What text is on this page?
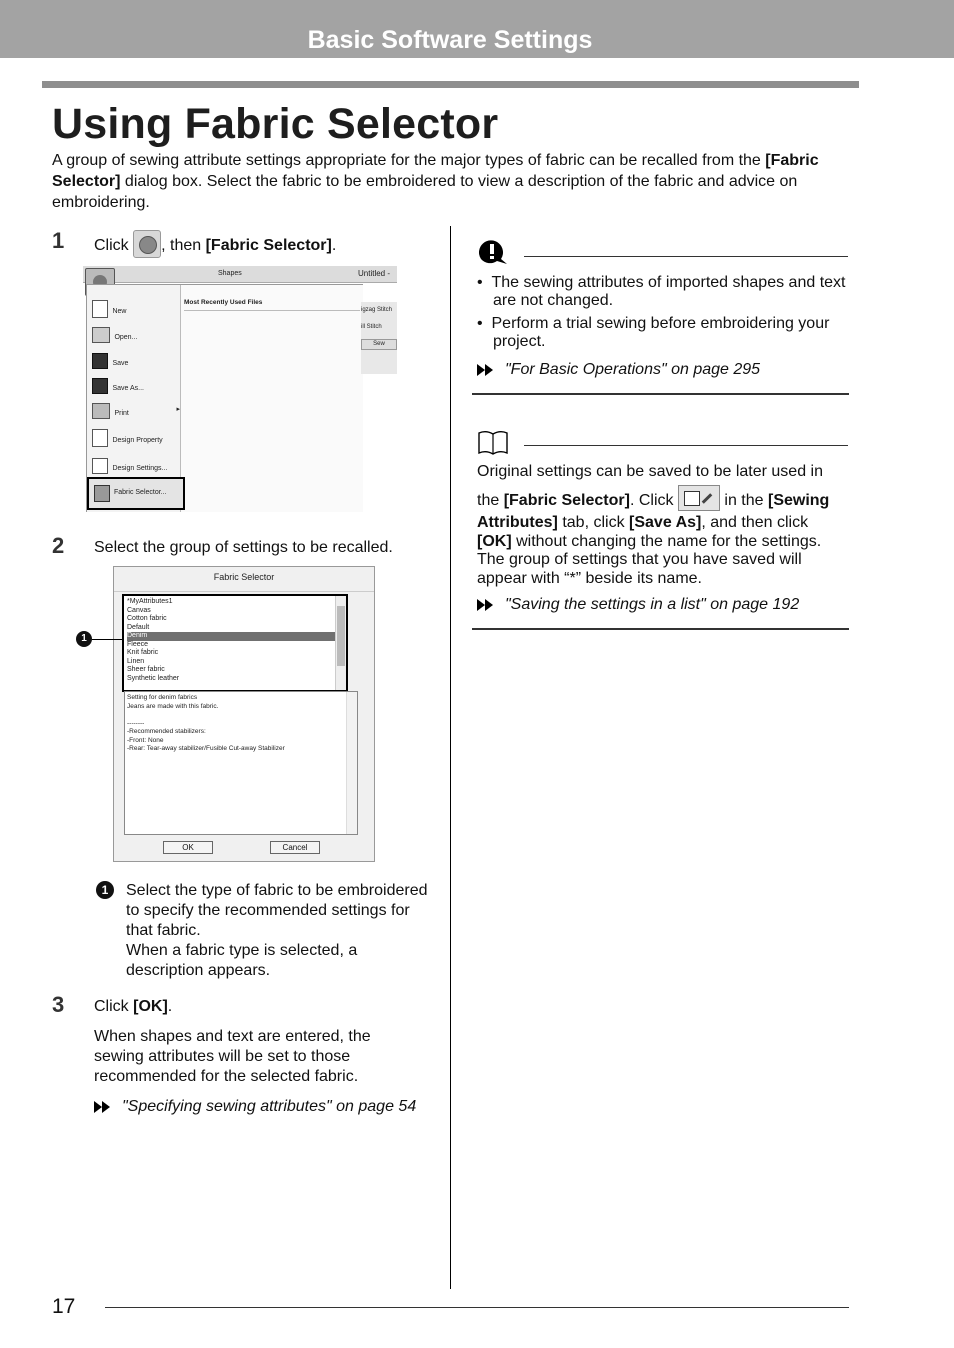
Basic Software Settings
Using Fabric Selector
A group of sewing attribute settings appropriate for the major types of fabric can be recalled from the [Fabric Selector] dialog box. Select the fabric to be embroidered to view a description of the fabric and advice on embroidering.
1 Click
, then [Fabric Selector].
Shapes	Untitled -
Most Recently Used Files
New
Open...
Save
Save As...
Print
▸
Design Property
Design Settings...
Fabric Selector...
igzag Stitch
ill Stitch
Sew
2 Select the group of settings to be recalled.
Fabric Selector
*MyAttributes1
Canvas
Cotton fabric
Default
Denim
Fleece
Knit fabric
Linen
Sheer fabric
Synthetic leather
Setting for denim fabrics
Jeans are made with this fabric.
--------
-Recommended stabilizers:
-Front: None
-Rear: Tear-away stabilizer/Fusible Cut-away Stabilizer
OK	Cancel
1
1	Select the type of fabric to be embroidered to specify the recommended settings for that fabric.
When a fabric type is selected, a description appears.
3 Click [OK].
When shapes and text are entered, the sewing attributes will be set to those recommended for the selected fabric.
"Specifying sewing attributes" on page 54
•  The sewing attributes of imported shapes and text are not changed.
•  Perform a trial sewing before embroidering your project.
"For Basic Operations" on page 295
Original settings can be saved to be later used in
the [Fabric Selector]. Click	in the [Sewing Attributes] tab, click [Save As], and then click [OK] without changing the name for the settings. The group of settings that you have saved will appear with “*” beside its name.
"Saving the settings in a list" on page 192
17
